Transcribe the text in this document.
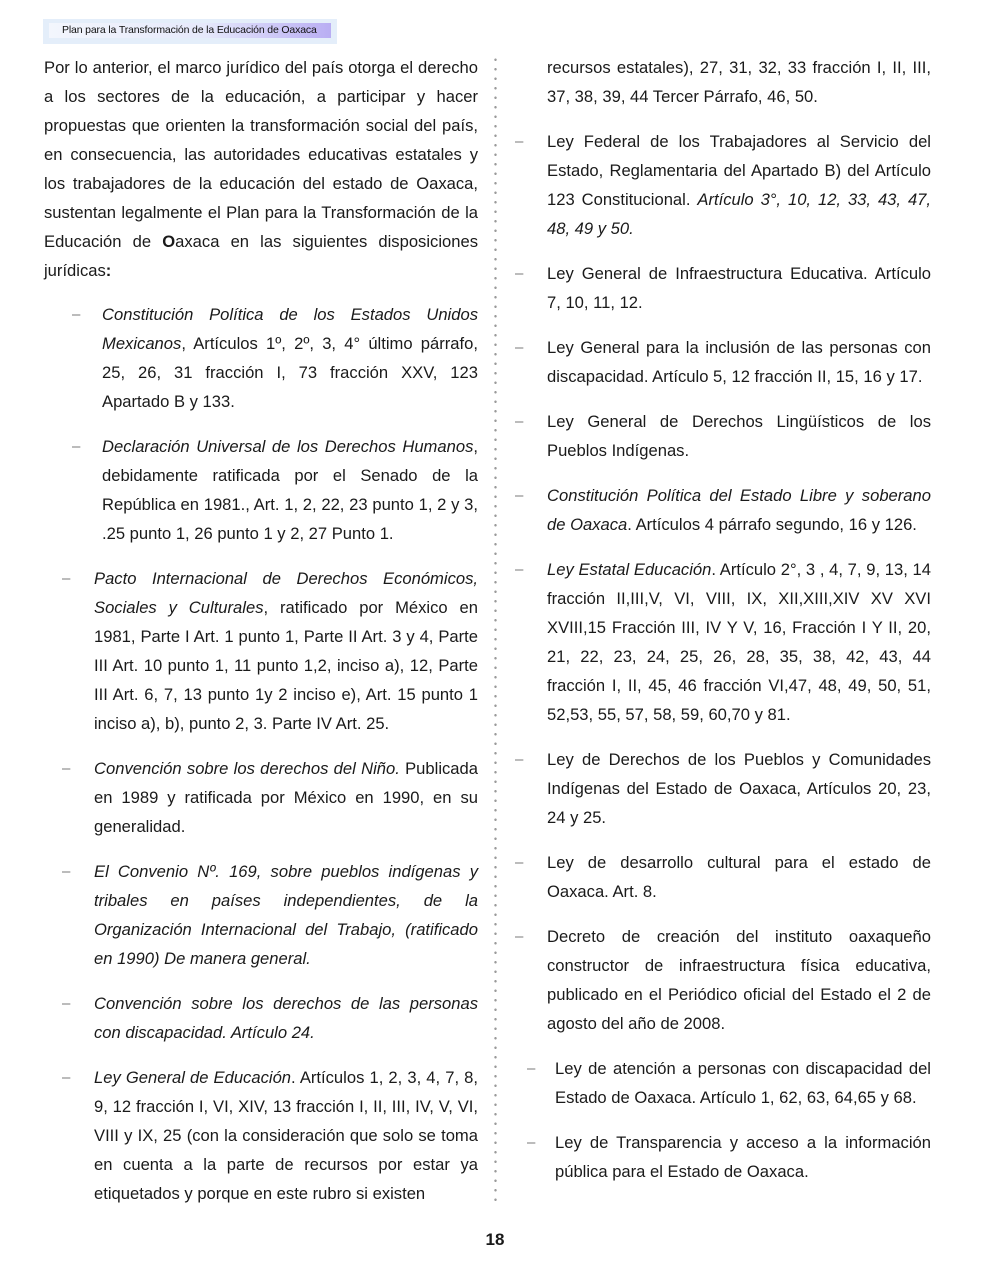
Plan para la Transformación de la Educación de Oaxaca

Por lo anterior, el marco jurídico del país otorga el derecho a los sectores de la educación, a participar y hacer propuestas que orienten la transformación social del país, en consecuencia, las autoridades educativas estatales y los trabajadores de la educación del estado de Oaxaca, sustentan legalmente el Plan para la Transformación de la Educación de Oaxaca en las siguientes disposiciones jurídicas:

– Constitución Política de los Estados Unidos Mexicanos, Artículos 1º, 2º, 3, 4° último párrafo, 25, 26, 31 fracción I, 73 fracción XXV, 123 Apartado B y 133.
– Declaración Universal de los Derechos Humanos, debidamente ratificada por el Senado de la República en 1981., Art. 1, 2, 22, 23 punto 1, 2 y 3, .25 punto 1, 26 punto 1 y 2, 27 Punto 1.
– Pacto Internacional de Derechos Económicos, Sociales y Culturales, ratificado por México en 1981, Parte I Art. 1 punto 1, Parte II Art. 3 y 4, Parte III Art. 10 punto 1, 11 punto 1,2, inciso a), 12, Parte III Art. 6, 7, 13 punto 1y 2 inciso e), Art. 15 punto 1 inciso a), b), punto 2, 3. Parte IV Art. 25.
– Convención sobre los derechos del Niño. Publicada en 1989 y ratificada por México en 1990, en su generalidad.
– El Convenio Nº. 169, sobre pueblos indígenas y tribales en países independientes, de la Organización Internacional del Trabajo, (ratificado en 1990) De manera general.
– Convención sobre los derechos de las personas con discapacidad. Artículo 24.
– Ley General de Educación. Artículos 1, 2, 3, 4, 7, 8, 9, 12 fracción I, VI, XIV, 13 fracción I, II, III, IV, V, VI, VIII y IX, 25 (con la consideración que solo se toma en cuenta a la parte de recursos por estar ya etiquetados y porque en este rubro si existen
recursos estatales), 27, 31, 32, 33 fracción I, II, III, 37, 38, 39, 44 Tercer Párrafo, 46, 50.
– Ley Federal de los Trabajadores al Servicio del Estado, Reglamentaria del Apartado B) del Artículo 123 Constitucional. Artículo 3°, 10, 12, 33, 43, 47, 48, 49 y 50.
– Ley General de Infraestructura Educativa. Artículo 7, 10, 11, 12.
– Ley General para la inclusión de las personas con discapacidad. Artículo 5, 12 fracción II, 15, 16 y 17.
– Ley General de Derechos Lingüísticos de los Pueblos Indígenas.
– Constitución Política del Estado Libre y soberano de Oaxaca. Artículos 4 párrafo segundo, 16 y 126.
– Ley Estatal Educación. Artículo 2°, 3 , 4, 7, 9, 13, 14 fracción II,III,V, VI, VIII, IX, XII,XIII,XIV XV XVI XVIII,15 Fracción III, IV Y V, 16, Fracción I Y II, 20, 21, 22, 23, 24, 25, 26, 28, 35, 38, 42, 43, 44 fracción I, II, 45, 46 fracción VI,47, 48, 49, 50, 51, 52,53, 55, 57, 58, 59, 60,70 y 81.
– Ley de Derechos de los Pueblos y Comunidades Indígenas del Estado de Oaxaca, Artículos 20, 23, 24 y 25.
– Ley de desarrollo cultural para el estado de Oaxaca. Art. 8.
– Decreto de creación del instituto oaxaqueño constructor de infraestructura física educativa, publicado en el Periódico oficial del Estado el 2 de agosto del año de 2008.
– Ley de atención a personas con discapacidad del Estado de Oaxaca. Artículo 1, 62, 63, 64,65 y 68.
– Ley de Transparencia y acceso a la información pública para el Estado de Oaxaca.
18
